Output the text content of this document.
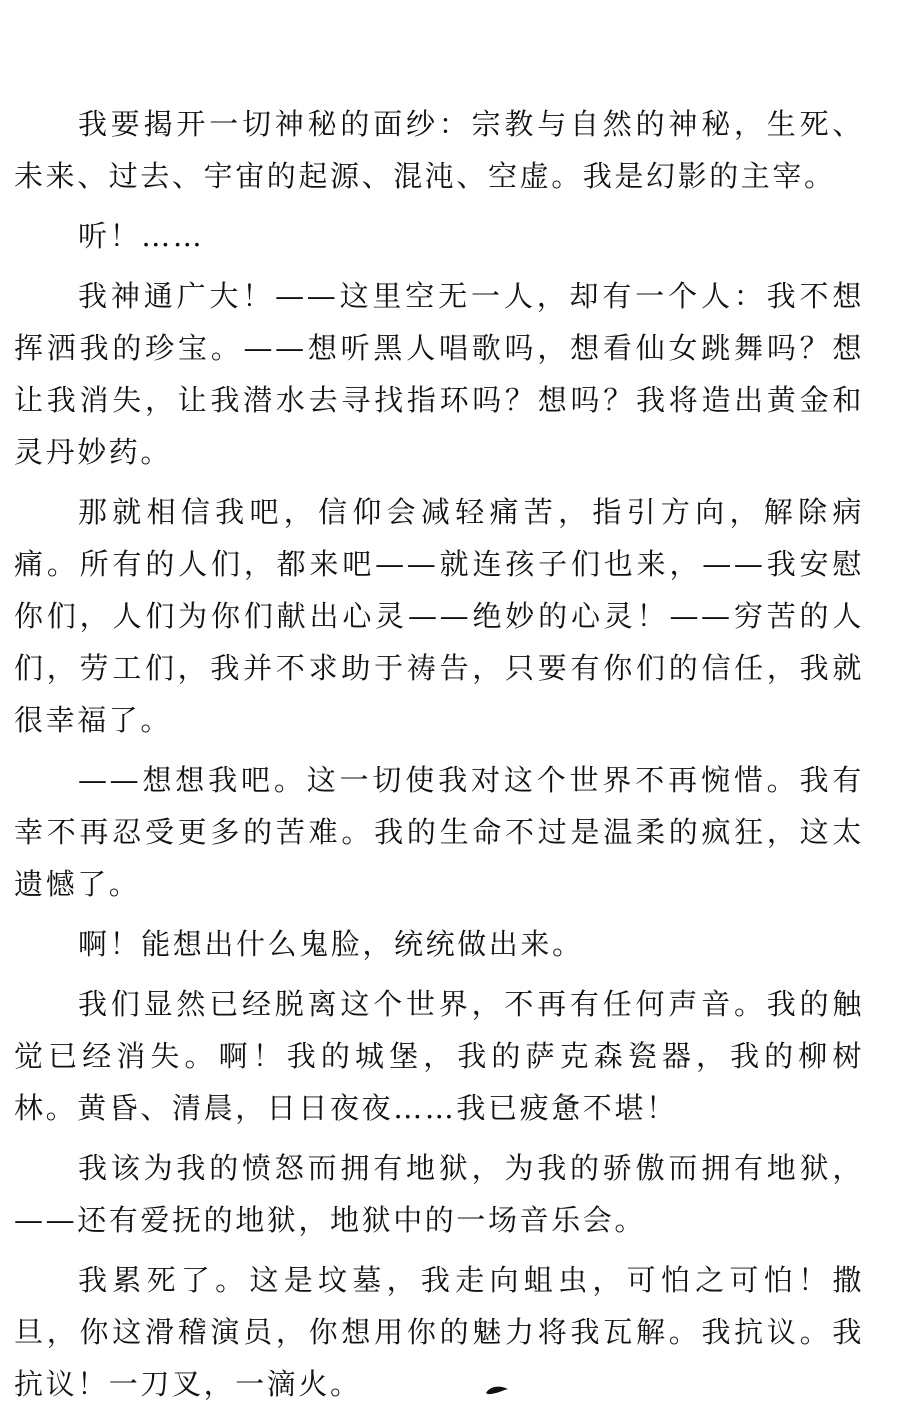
我要揭开一切神秘的面纱：宗教与自然的神秘，生死、未来、过去、宇宙的起源、混沌、空虚。我是幻影的主宰。

听！……

我神通广大！——这里空无一人，却有一个人：我不想挥洒我的珍宝。——想听黑人唱歌吗，想看仙女跳舞吗？想让我消失，让我潜水去寻找指环吗？想吗？我将造出黄金和灵丹妙药。

那就相信我吧，信仰会减轻痛苦，指引方向，解除病痛。所有的人们，都来吧——就连孩子们也来，——我安慰你们，人们为你们献出心灵——绝妙的心灵！——穷苦的人们，劳工们，我并不求助于祷告，只要有你们的信任，我就很幸福了。

——想想我吧。这一切使我对这个世界不再惋惜。我有幸不再忍受更多的苦难。我的生命不过是温柔的疯狂，这太遗憾了。

啊！能想出什么鬼脸，统统做出来。

我们显然已经脱离这个世界，不再有任何声音。我的触觉已经消失。啊！我的城堡，我的萨克森瓷器，我的柳树林。黄昏、清晨，日日夜夜……我已疲惫不堪！

我该为我的愤怒而拥有地狱，为我的骄傲而拥有地狱，——还有爱抚的地狱，地狱中的一场音乐会。

我累死了。这是坟墓，我走向蛆虫，可怕之可怕！撒旦，你这滑稽演员，你想用你的魅力将我瓦解。我抗议。我抗议！一刀叉，一滴火。
